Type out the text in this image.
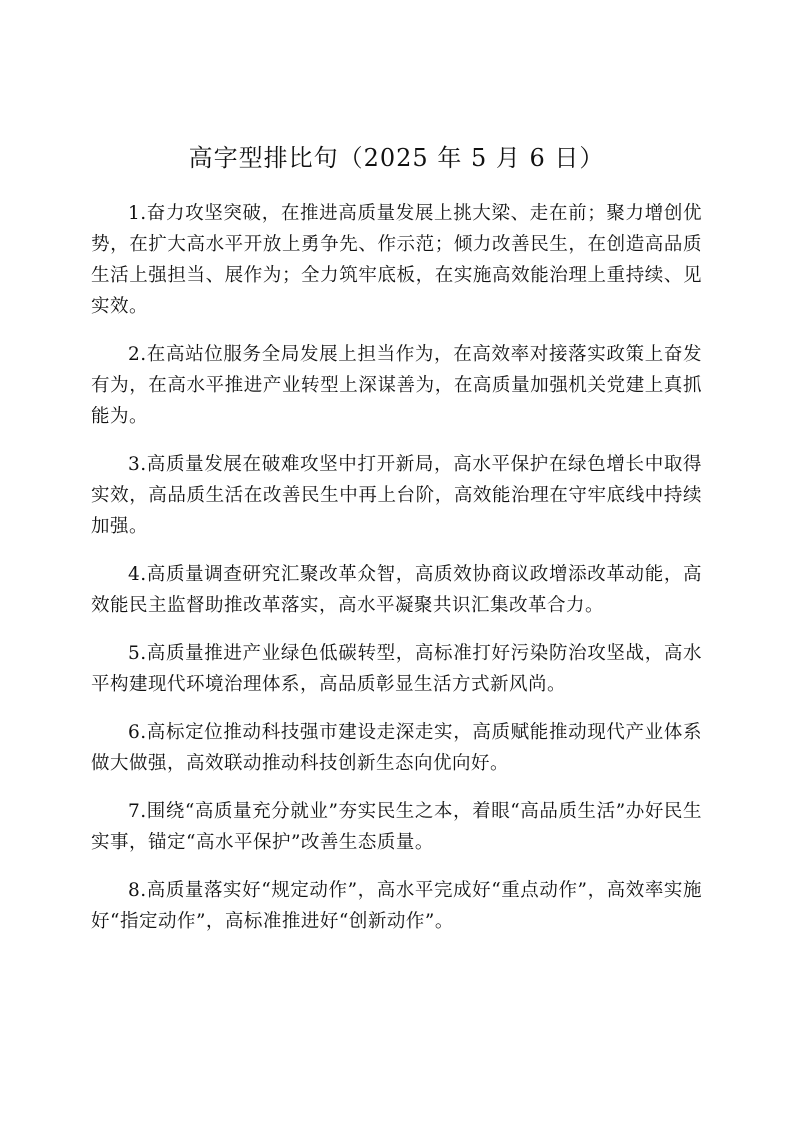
高字型排比句（2025 年 5 月 6 日）

1.奋力攻坚突破，在推进高质量发展上挑大梁、走在前；聚力增创优势，在扩大高水平开放上勇争先、作示范；倾力改善民生，在创造高品质生活上强担当、展作为；全力筑牢底板，在实施高效能治理上重持续、见实效。

2.在高站位服务全局发展上担当作为，在高效率对接落实政策上奋发有为，在高水平推进产业转型上深谋善为，在高质量加强机关党建上真抓能为。

3.高质量发展在破难攻坚中打开新局，高水平保护在绿色增长中取得实效，高品质生活在改善民生中再上台阶，高效能治理在守牢底线中持续加强。

4.高质量调查研究汇聚改革众智，高质效协商议政增添改革动能，高效能民主监督助推改革落实，高水平凝聚共识汇集改革合力。

5.高质量推进产业绿色低碳转型，高标准打好污染防治攻坚战，高水平构建现代环境治理体系，高品质彰显生活方式新风尚。

6.高标定位推动科技强市建设走深走实，高质赋能推动现代产业体系做大做强，高效联动推动科技创新生态向优向好。

7.围绕“高质量充分就业”夯实民生之本，着眼“高品质生活”办好民生实事，锚定“高水平保护”改善生态质量。

8.高质量落实好“规定动作”，高水平完成好“重点动作”，高效率实施好“指定动作”，高标准推进好“创新动作”。
